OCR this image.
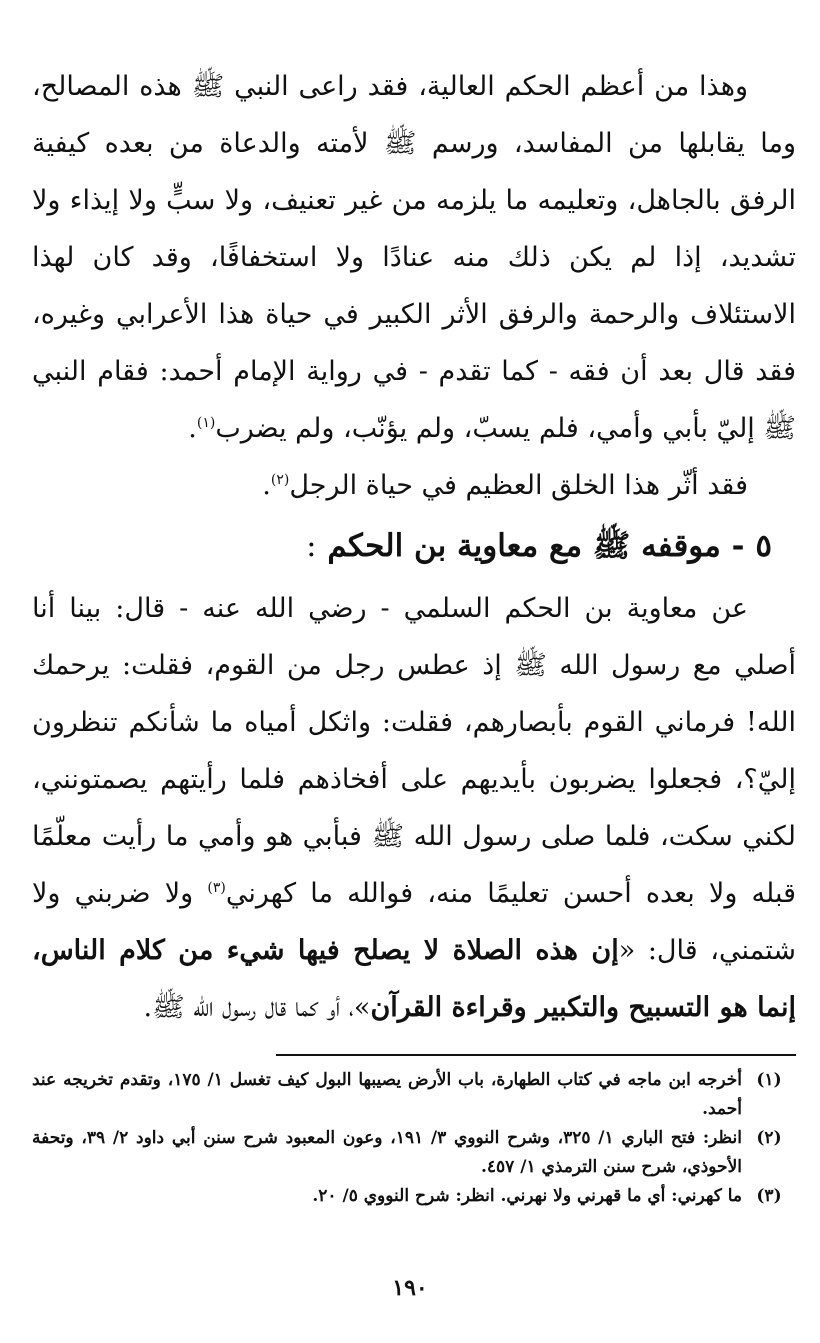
وهذا من أعظم الحكم العالية، فقد راعى النبي ﷺ هذه المصالح، وما يقابلها من المفاسد، ورسم ﷺ لأمته والدعاة من بعده كيفية الرفق بالجاهل، وتعليمه ما يلزمه من غير تعنيف، ولا سبٍّ ولا إيذاء ولا تشديد، إذا لم يكن ذلك منه عنادًا ولا استخفافًا، وقد كان لهذا الاستئلاف والرحمة والرفق الأثر الكبير في حياة هذا الأعرابي وغيره، فقد قال بعد أن فقه - كما تقدم - في رواية الإمام أحمد: فقام النبي ﷺ إليّ بأبي وأمي، فلم يسبّ، ولم يؤنّب، ولم يضرب$^{(١)}$.

فقد أثّر هذا الخلق العظيم في حياة الرجل$^{(٢)}$.

٥ - موقفه ﷺ مع معاوية بن الحكم :

عن معاوية بن الحكم السلمي - رضي الله عنه - قال: بينا أنا أصلي مع رسول الله ﷺ إذ عطس رجل من القوم، فقلت: يرحمك الله! فرماني القوم بأبصارهم، فقلت: واثكل أمياه ما شأنكم تنظرون إليّ؟، فجعلوا يضربون بأيديهم على أفخاذهم فلما رأيتهم يصمتونني، لكني سكت، فلما صلى رسول الله ﷺ فبأبي هو وأمي ما رأيت معلّمًا قبله ولا بعده أحسن تعليمًا منه، فوالله ما كهرني$^{(٣)}$ ولا ضربني ولا شتمني، قال: «إن هذه الصلاة لا يصلح فيها شيء من كلام الناس، إنما هو التسبيح والتكبير وقراءة القرآن»، أو كما قال رسول الله ﷺ.

(١)
أخرجه ابن ماجه في كتاب الطهارة، باب الأرض يصيبها البول كيف تغسل ١/ ١٧٥، وتقدم تخريجه عند أحمد.
(٢)
انظر: فتح الباري ١/ ٣٢٥، وشرح النووي ٣/ ١٩١، وعون المعبود شرح سنن أبي داود ٢/ ٣٩، وتحفة الأحوذي، شرح سنن الترمذي ١/ ٤٥٧.
(٣)
ما كهرني: أي ما قهرني ولا نهرني. انظر: شرح النووي ٥/ ٢٠.
١٩٠
